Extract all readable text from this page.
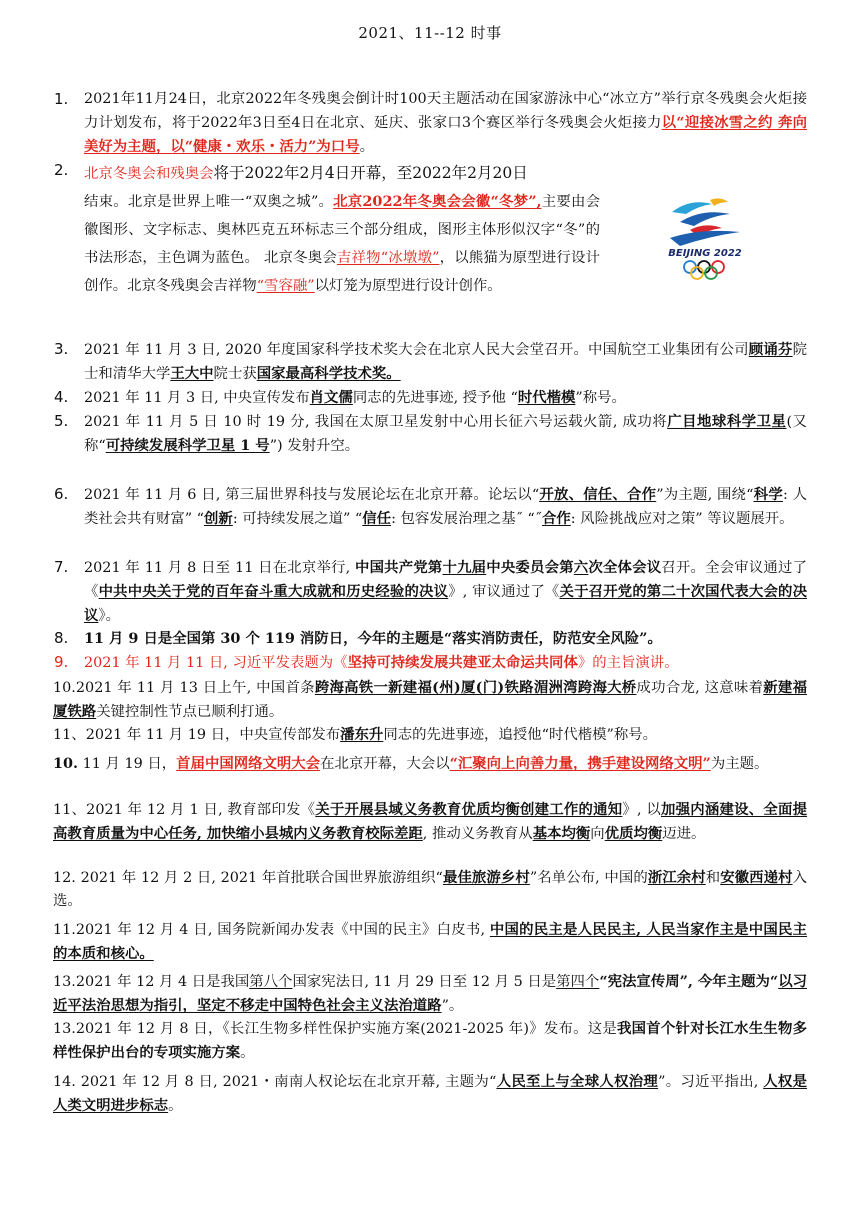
2021、11--12 时事
1.	2021年11月24日，北京2022年冬残奥会倒计时100天主题活动在国家游泳中心“冰立方”举行京冬残奥会火炬接力计划发布，将于2022年3日至4日在北京、延庆、张家口3个赛区举行冬残奥会火炬接力以“迎接冰雪之约 奔向美好为主题，以“健康・欢乐・活力”为口号。
2.	北京冬奥会和残奥会将于2022年2月4日开幕，至2022年2月20日
结束。北京是世界上唯一“双奥之城”。北京2022年冬奥会会徽“冬梦”,主要由会徽图形、文字标志、奥林匹克五环标志三个部分组成，图形主体形似汉字“冬”的书法形态，主色调为蓝色。 北京冬奥会吉祥物“冰墩墩”，以熊猫为原型进行设计创作。北京冬残奥会吉祥物“雪容融”以灯笼为原型进行设计创作。
BEIJING 2022
3.	2021 年 11 月 3 日, 2020 年度国家科学技术奖大会在北京人民大会堂召开。中国航空工业集团有公司顾诵芬院士和清华大学王大中院士获国家最高科学技术奖。
4.	2021 年 11 月 3 日, 中央宣传发布肖文儒同志的先进事迹, 授予他 “时代楷模”称号。
5.	2021 年 11 月 5 日 10 时 19 分, 我国在太原卫星发射中心用长征六号运载火箭, 成功将广目地球科学卫星(又称“可持续发展科学卫星 1 号”) 发射升空。
6.	2021 年 11 月 6 日, 第三届世界科技与发展论坛在北京开幕。论坛以“开放、信任、合作”为主题, 围绕“科学: 人类社会共有财富” “创新: 可持续发展之道” “信任: 包容发展治理之基˝ “˝合作: 风险挑战应对之策” 等议题展开。
7.	2021 年 11 月 8 日至 11 日在北京举行, 中国共产党第十九届中央委员会第六次全体会议召开。全会审议通过了《中共中央关于党的百年奋斗重大成就和历史经验的决议》, 审议通过了《关于召开党的第二十次国代表大会的决议》。
8.	11 月 9 日是全国第 30 个 119 消防日，今年的主题是“落实消防责任，防范安全风险”。
9.	2021 年 11 月 11 日, 习近平发表题为《坚持可持续发展共建亚太命运共同体》的主旨演讲。
10.2021 年 11 月 13 日上午, 中国首条跨海高铁一新建福(州)厦(门)铁路湄洲湾跨海大桥成功合龙, 这意味着新建福厦铁路关键控制性节点已顺利打通。
11、2021 年 11 月 19 日，中央宣传部发布潘东升同志的先进事迹，追授他“时代楷模”称号。
10. 11 月 19 日，首届中国网络文明大会在北京开幕，大会以“汇聚向上向善力量，携手建设网络文明”为主题。
11、2021 年 12 月 1 日, 教育部印发《关于开展县域义务教育优质均衡创建工作的通知》, 以加强内涵建设、全面提高教育质量为中心任务, 加快缩小县城内义务教育校际差距, 推动义务教育从基本均衡向优质均衡迈进。
12. 2021 年 12 月 2 日, 2021 年首批联合国世界旅游组织“最佳旅游乡村”名单公布, 中国的浙江余村和安徽西递村入选。
11.2021 年 12 月 4 日, 国务院新闻办发表《中国的民主》白皮书, 中国的民主是人民民主, 人民当家作主是中国民主的本质和核心。
13.2021 年 12 月 4 日是我国第八个国家宪法日, 11 月 29 日至 12 月 5 日是第四个“宪法宣传周”, 今年主题为“以习近平法治思想为指引，坚定不移走中国特色社会主义法治道路”。
13.2021 年 12 月 8 日，《长江生物多样性保护实施方案(2021-2025 年)》发布。这是我国首个针对长江水生生物多样性保护出台的专项实施方案。
14. 2021 年 12 月 8 日, 2021・南南人权论坛在北京开幕, 主题为“人民至上与全球人权治理”。习近平指出, 人权是人类文明进步标志。
